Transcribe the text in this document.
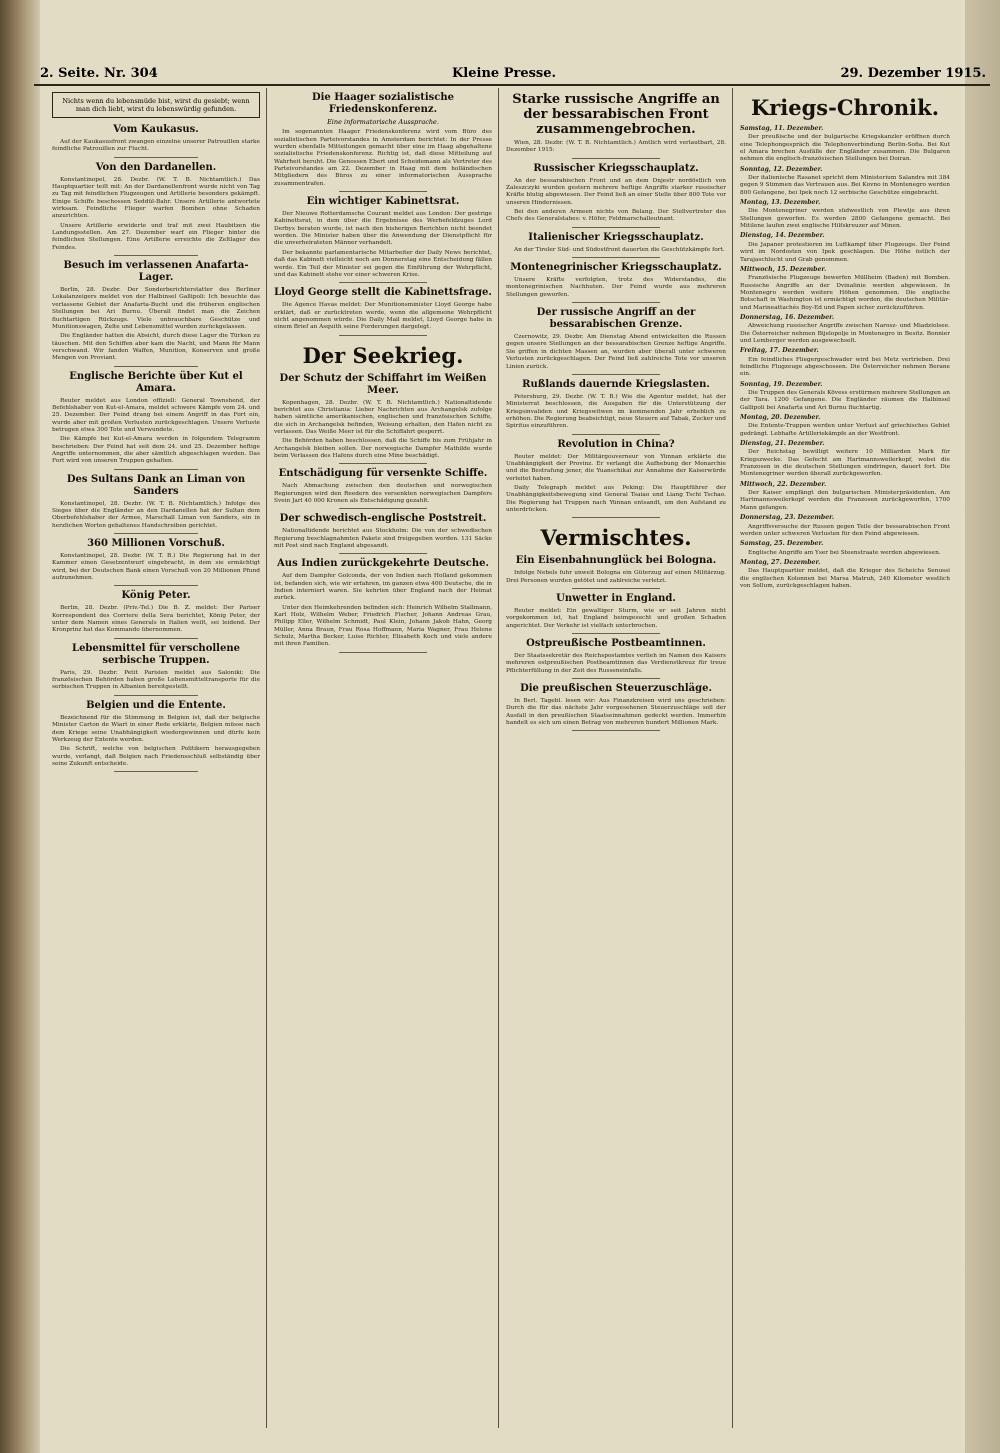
2. Seite. Nr. 304	Kleine Presse.	29. Dezember 1915.
Nichts wenn du lebensmüde bist, wirst du gesiebt; wenn man dich liebt, wirst du lebenswürdig gefunden.
Vom Kaukasus.

Auf der Kaukasusfront zwangen einzelne unserer Patrouillen starke feindliche Patrouillen zur Flucht.

Von den Dardanellen.

Konstantinopel, 28. Dezbr. (W. T. B. Nichtamtlich.) Das Hauptquartier teilt mit: An der Dardanellenfront wurde nicht von Tag zu Tag mit feindlichen Flugzeugen und Artillerie besonders gekämpft. Einige Schiffe beschossen Seddül-Bahr. Unsere Artillerie antwortete wirksam. Feindliche Flieger warfen Bomben ohne Schaden anzurichten.

Unsere Artillerie erwiderte und traf mit zwei Haubitzen die Landungsstellen. Am 27. Dezember warf ein Flieger hinter die feindlichen Stellungen. Eine Artillerie erreichte die Zeltlager des Feindes.

Besuch im verlassenen Anafarta-Lager.

Berlin, 28. Dezbr. Der Sonderberichterstatter des Berliner Lokalanzeigers meldet von der Halbinsel Gallipoli: Ich besuchte das verlassene Gebiet der Anafarta-Bucht und die früheren englischen Stellungen bei Ari Burnu. Überall findet man die Zeichen fluchtartigen Rückzugs. Viele unbrauchbare Geschütze und Munitionswagen, Zelte und Lebensmittel wurden zurückgelassen.

Die Engländer hatten die Absicht, durch diese Lager die Türken zu täuschen. Mit den Schiffen aber kam die Nacht, und Mann für Mann verschwand. Wir fanden Waffen, Munition, Konserven und große Mengen von Proviant.

Englische Berichte über Kut el Amara.

Reuter meldet aus London offiziell: General Townshend, der Befehlshaber von Kut-el-Amara, meldet schwere Kämpfe vom 24. und 25. Dezember. Der Feind drang bei einem Angriff in das Fort ein, wurde aber mit großen Verlusten zurückgeschlagen. Unsere Verluste betrugen etwa 300 Tote und Verwundete.

Die Kämpfe bei Kut-el-Amara werden in folgendem Telegramm beschrieben: Der Feind hat seit dem 24. und 25. Dezember heftige Angriffe unternommen, die aber sämtlich abgeschlagen wurden. Das Fort wird von unseren Truppen gehalten.

Des Sultans Dank an Liman von Sanders

Konstantinopel, 28. Dezbr. (W. T. B. Nichtamtlich.) Infolge des Sieges über die Engländer an den Dardanellen hat der Sultan dem Oberbefehlshaber der Armee, Marschall Liman von Sanders, ein in herzlichen Worten gehaltenes Handschreiben gerichtet.

360 Millionen Vorschuß.

Konstantinopel, 28. Dezbr. (W. T. B.) Die Regierung hat in der Kammer einen Gesetzentwurf eingebracht, in dem sie ermächtigt wird, bei der Deutschen Bank einen Vorschuß von 20 Millionen Pfund aufzunehmen.

König Peter.

Berlin, 28. Dezbr. (Priv.-Tel.) Die B. Z. meldet: Der Pariser Korrespondent des Corriere della Sera berichtet, König Peter, der unter dem Namen eines Generals in Italien weilt, sei leidend. Der Kronprinz hat das Kommando übernommen.

Lebensmittel für verschollene serbische Truppen.

Paris, 29. Dezbr. Petit Parisien meldet aus Saloniki: Die französischen Behörden haben große Lebensmitteltransporte für die serbischen Truppen in Albanien bereitgestellt.

Belgien und die Entente.

Bezeichnend für die Stimmung in Belgien ist, daß der belgische Minister Carton de Wiart in einer Rede erklärte, Belgien müsse nach dem Kriege seine Unabhängigkeit wiedergewinnen und dürfe kein Werkzeug der Entente werden.

Die Schrift, welche von belgischen Politikern herausgegeben wurde, verlangt, daß Belgien nach Friedensschluß selbständig über seine Zukunft entscheide.

Die Haager sozialistische Friedenskonferenz.
Eine informatorische Aussprache.

Im sogenannten Haager Friedenskonferenz wird vom Büro des sozialistischen Parteivorstandes in Amsterdam berichtet: In der Presse wurden ebenfalls Mitteilungen gemacht über eine im Haag abgehaltene sozialistische Friedenskonferenz. Richtig ist, daß diese Mitteilung auf Wahrheit beruht. Die Genossen Ebert und Scheidemann als Vertreter des Parteivorstandes am 22. Dezember in Haag mit dem holländischen Mitgliedern des Büros zu einer informatorischen Aussprache zusammentrafen.

Ein wichtiger Kabinettsrat.

Der Nieuwe Rotterdamsche Courant meldet aus London: Der gestrige Kabinettsrat, in dem über die Ergebnisse des Werbefeldzuges Lord Derbys beraten wurde, ist nach den bisherigen Berichten nicht beendet worden. Die Minister haben über die Anwendung der Dienstpflicht für die unverheirateten Männer verhandelt.

Der bekannte parlamentarische Mitarbeiter der Daily News berichtet, daß das Kabinett vielleicht noch am Donnerstag eine Entscheidung fällen werde. Ein Teil der Minister sei gegen die Einführung der Wehrpflicht, und das Kabinett stehe vor einer schweren Krise.

Lloyd George stellt die Kabinettsfrage.

Die Agence Havas meldet: Der Munitionsminister Lloyd George habe erklärt, daß er zurücktreten werde, wenn die allgemeine Wehrpflicht nicht angenommen würde. Die Daily Mail meldet, Lloyd George habe in einem Brief an Asquith seine Forderungen dargelegt.

Der Seekrieg.
Der Schutz der Schiffahrt im Weißen Meer.

Kopenhagen, 28. Dezbr. (W. T. B. Nichtamtlich.) Nationaltidende berichtet aus Christiania: Lieber Nachrichten aus Archangelsk zufolge haben sämtliche amerikanischen, englischen und französischen Schiffe, die sich in Archangelsk befinden, Weisung erhalten, den Hafen nicht zu verlassen. Das Weiße Meer ist für die Schiffahrt gesperrt.

Die Behörden haben beschlossen, daß die Schiffe bis zum Frühjahr in Archangelsk bleiben sollen. Der norwegische Dampfer Mathilde wurde beim Verlassen des Hafens durch eine Mine beschädigt.

Entschädigung für versenkte Schiffe.

Nach Abmachung zwischen den deutschen und norwegischen Regierungen wird den Reedern des versenkten norwegischen Dampfers Svein Jarl 40 000 Kronen als Entschädigung gezahlt.

Der schwedisch-englische Poststreit.

Nationaltidende berichtet aus Stockholm: Die von der schwedischen Regierung beschlagnahmten Pakete sind freigegeben worden. 131 Säcke mit Post sind nach England abgesandt.

Aus Indien zurückgekehrte Deutsche.

Auf dem Dampfer Golconda, der von Indien nach Holland gekommen ist, befanden sich, wie wir erfahren, im ganzen etwa 400 Deutsche, die in Indien interniert waren. Sie kehrten über England nach der Heimat zurück.

Unter den Heimkehrenden befinden sich: Heinrich Wilhelm Stallmann, Karl Holz, Wilhelm Weber, Friedrich Fischer, Johann Andreas Grau, Philipp Eller, Wilhelm Schmidt, Paul Klein, Johann Jakob Hahn, Georg Müller, Anna Braun, Frau Rosa Hoffmann, Maria Wagner, Frau Helene Schulz, Martha Becker, Luise Richter, Elisabeth Koch und viele andere mit ihren Familien.

Starke russische Angriffe an der bessarabischen Front zusammengebrochen.

Wien, 28. Dezbr. (W. T. B. Nichtamtlich.) Amtlich wird verlautbart, 28. Dezember 1915:

Russischer Kriegsschauplatz.

An der bessarabischen Front und an dem Dnjestr nordöstlich von Zaleszczyki wurden gestern mehrere heftige Angriffe starker russischer Kräfte blutig abgewiesen. Der Feind ließ an einer Stelle über 800 Tote vor unseren Hindernissen.

Bei den anderen Armeen nichts von Belang. Der Stellvertreter des Chefs des Generalstabes: v. Höfer, Feldmarschalleutnant.

Italienischer Kriegsschauplatz.

An der Tiroler Süd- und Südostfront dauerten die Geschützkämpfe fort.

Montenegrinischer Kriegsschauplatz.

Unsere Kräfte verfolgten, trotz des Widerstandes, die montenegrinischen Nachhuten. Der Feind wurde aus mehreren Stellungen geworfen.

Der russische Angriff an der bessarabischen Grenze.

Czernowitz, 29. Dezbr. Am Dienstag Abend entwickelten die Russen gegen unsere Stellungen an der bessarabischen Grenze heftige Angriffe. Sie griffen in dichten Massen an, wurden aber überall unter schweren Verlusten zurückgeschlagen. Der Feind ließ zahlreiche Tote vor unseren Linien zurück.

Rußlands dauernde Kriegslasten.

Petersburg, 29. Dezbr. (W. T. B.) Wie die Agentur meldet, hat der Ministerrat beschlossen, die Ausgaben für die Unterstützung der Kriegsinvaliden und Kriegswitwen im kommenden Jahr erheblich zu erhöhen. Die Regierung beabsichtigt, neue Steuern auf Tabak, Zucker und Spiritus einzuführen.

Revolution in China?

Reuter meldet: Der Militärgouverneur von Yünnan erklärte die Unabhängigkeit der Provinz. Er verlangt die Aufhebung der Monarchie und die Bestrafung jener, die Yuanschikai zur Annahme der Kaiserwürde verleitet haben.

Daily Telegraph meldet aus Peking: Die Hauptführer der Unabhängigkeitsbewegung sind General Tsaiao und Liang Tschi Tschao. Die Regierung hat Truppen nach Yünnan entsandt, um den Aufstand zu unterdrücken.

Vermischtes.
Ein Eisenbahnunglück bei Bologna.

Infolge Nebels fuhr unweit Bologna ein Güterzug auf einen Militärzug. Drei Personen wurden getötet und zahlreiche verletzt.

Unwetter in England.

Reuter meldet: Ein gewaltiger Sturm, wie er seit Jahren nicht vorgekommen ist, hat England heimgesucht und großen Schaden angerichtet. Der Verkehr ist vielfach unterbrochen.

Ostpreußische Postbeamtinnen.

Der Staatssekretär des Reichspostamtes verlieh im Namen des Kaisers mehreren ostpreußischen Postbeamtinnen das Verdienstkreuz für treue Pflichterfüllung in der Zeit des Russeneinfalls.

Die preußischen Steuerzuschläge.

In Berl. Tagebl. lesen wir: Aus Finanzkreisen wird uns geschrieben: Durch die für das nächste Jahr vorgesehenen Steuerzuschläge soll der Ausfall in den preußischen Staatseinnahmen gedeckt werden. Immerhin handelt es sich um einen Betrag von mehreren hundert Millionen Mark.

Kriegs-Chronik.

Samstag, 11. Dezember.

Der preußische und der bulgarische Kriegskanzler eröffnen durch eine Telephongespräch die Telephonverbindung Berlin-Sofia. Bei Kut el Amara brechen Ausfälle der Engländer zusammen. Die Bulgaren nehmen die englisch-französischen Stellungen bei Doiran.

Sonntag, 12. Dezember.

Der italienische Rasanet spricht dem Ministerium Salandra mit 384 gegen 9 Stimmen das Vertrauen aus. Bei Kovno in Montenegro werden 800 Gefangene, bei Ipek noch 12 serbische Geschütze eingebracht.

Montag, 13. Dezember.

Die Montenegriner werden südwestlich von Plewlje aus ihren Stellungen geworfen. Es werden 2800 Gefangene gemacht. Bei Mitilene laufen zwei englische Hilfskreuzer auf Minen.

Dienstag, 14. Dezember.

Die Japaner protestieren im Luftkampf über Flugzeuge. Der Feind wird im Nordosten von Ipek geschlagen. Die Höhe östlich der Tarajaschlucht und Grab genommen.

Mittwoch, 15. Dezember.

Französische Flugzeuge bewerfen Müllheim (Baden) mit Bomben. Russische Angriffe an der Dvinalinie werden abgewiesen. In Montenegro werden weitere Höhen genommen. Die englische Botschaft in Washington ist ermächtigt worden, die deutschen Militär- und Marineattachés Boy-Ed und Papen sicher zurückzuführen.

Donnerstag, 16. Dezember.

Abweichung russischer Angriffe zwischen Narosz- und Miadziolsee. Die Österreicher nehmen Bijelopolje in Montenegro in Besitz. Bonnier und Lemberger werden ausgewechselt.

Freitag, 17. Dezember.

Ein feindliches Fliegergeschwader wird bei Metz vertrieben. Drei feindliche Flugzeuge abgeschossen. Die Österreicher nehmen Berane ein.

Sonntag, 19. Dezember.

Die Truppen des Generals Kövess erstürmen mehrere Stellungen an der Tara. 1200 Gefangene. Die Engländer räumen die Halbinsel Gallipoli bei Anafarta und Ari Burnu fluchtartig.

Montag, 20. Dezember.

Die Entente-Truppen werden unter Verlust auf griechisches Gebiet gedrängt. Lebhafte Artilleriekämpfe an der Westfront.

Dienstag, 21. Dezember.

Der Reichstag bewilligt weitere 10 Milliarden Mark für Kriegszwecke. Das Gefecht am Hartmannsweilerkopf, wobei die Franzosen in die deutschen Stellungen eindringen, dauert fort. Die Montenegriner werden überall zurückgeworfen.

Mittwoch, 22. Dezember.

Der Kaiser empfängt den bulgarischen Ministerpräsidenten. Am Hartmannsweilerkopf werden die Franzosen zurückgeworfen, 1700 Mann gefangen.

Donnerstag, 23. Dezember.

Angriffsversuche der Russen gegen Teile der bessarabischen Front werden unter schweren Verlusten für den Feind abgewiesen.

Samstag, 25. Dezember.

Englische Angriffe am Yser bei Steenstraate werden abgewiesen.

Montag, 27. Dezember.

Das Hauptquartier meldet, daß die Krieger des Scheichs Senussi die englischen Kolonnen bei Marsa Matruh, 240 Kilometer westlich von Sollum, zurückgeschlagen haben.
